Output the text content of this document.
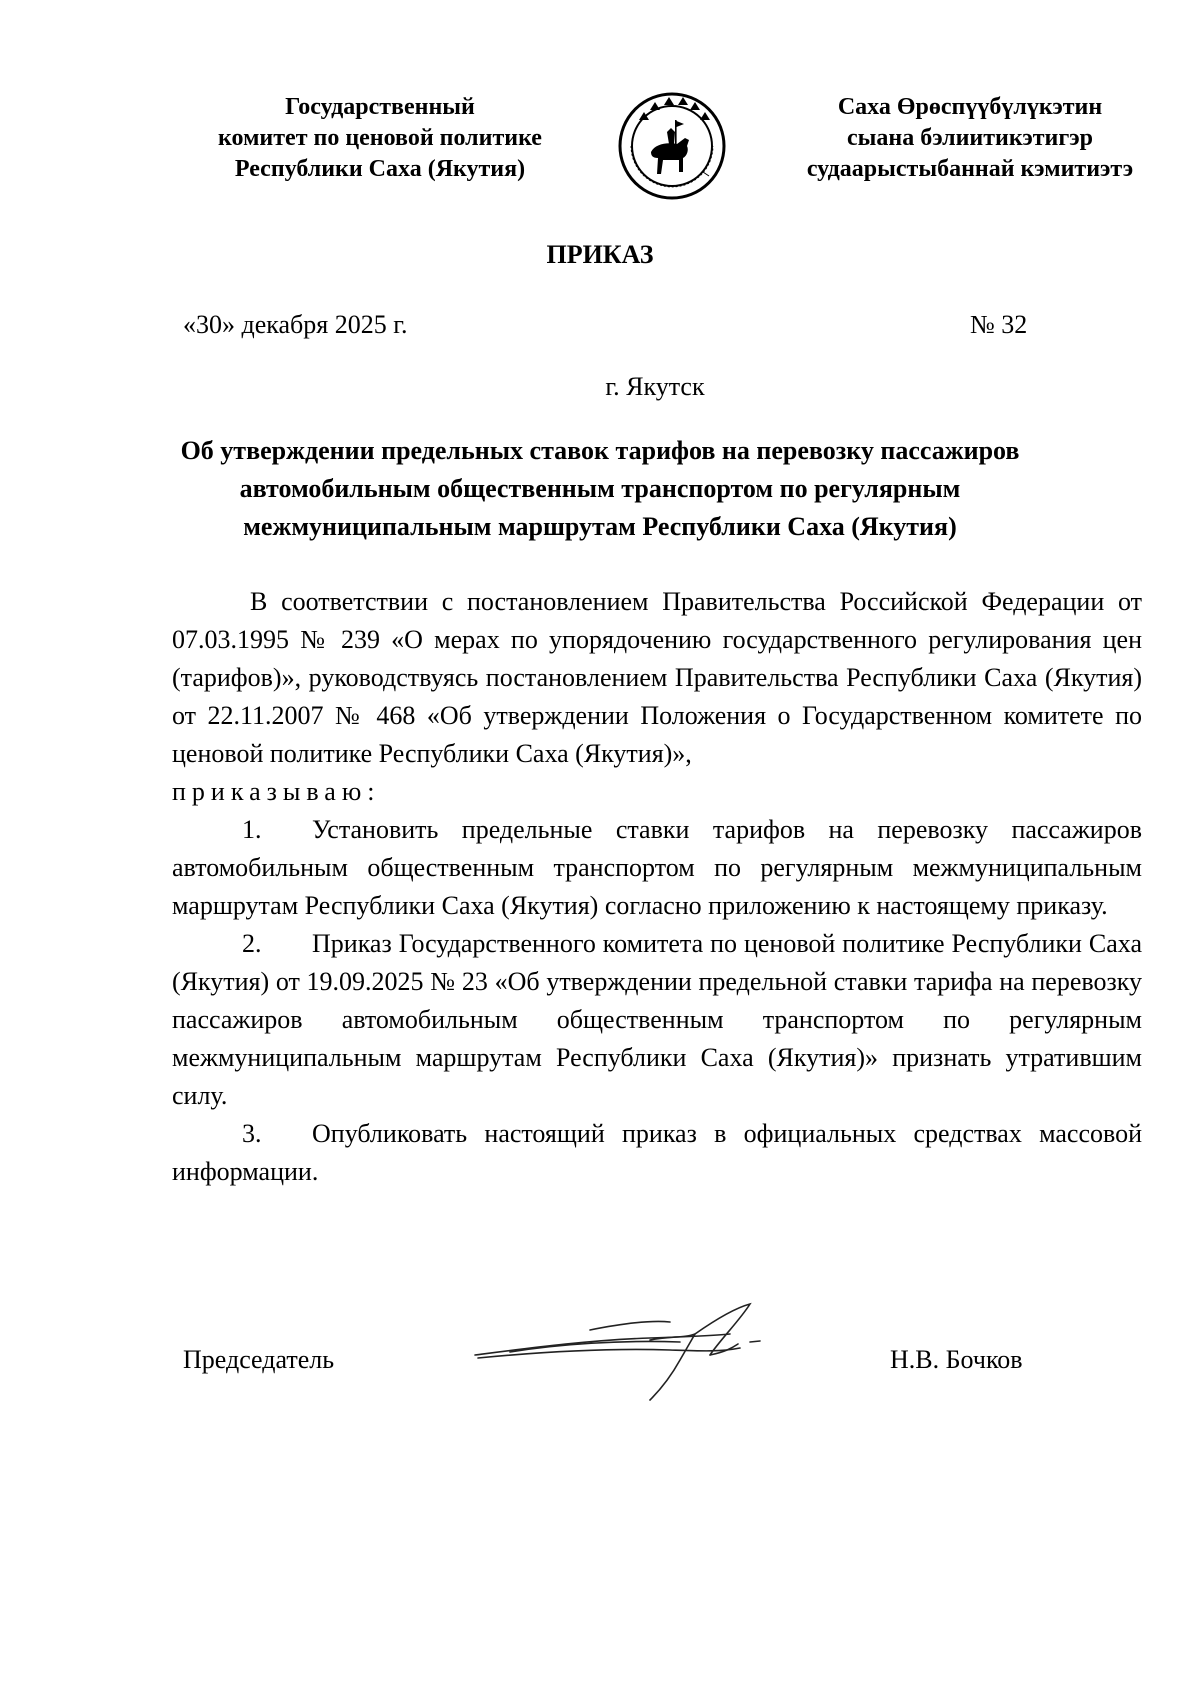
Государственный
комитет по ценовой политике
Республики Саха (Якутия)
Саха Өрөспүүбүлүкэтин
сыана бэлиитикэтигэр
судаарыстыбаннай кэмитиэтэ
ПРИКАЗ
«30» декабря 2025 г.	№ 32
г. Якутск
Об утверждении предельных ставок тарифов на перевозку пассажиров автомобильным общественным транспортом по регулярным межмуниципальным маршрутам Республики Саха (Якутия)

В соответствии с постановлением Правительства Российской Федерации от 07.03.1995 № 239 «О мерах по упорядочению государственного регулирования цен (тарифов)», руководствуясь постановлением Правительства Республики Саха (Якутия) от 22.11.2007 № 468 «Об утверждении Положения о Государственном комитете по ценовой политике Республики Саха (Якутия)»,
приказываю:

1. Установить предельные ставки тарифов на перевозку пассажиров автомобильным общественным транспортом по регулярным межмуниципальным маршрутам Республики Саха (Якутия) согласно приложению к настоящему приказу.

2. Приказ Государственного комитета по ценовой политике Республики Саха (Якутия) от 19.09.2025 № 23 «Об утверждении предельной ставки тарифа на перевозку пассажиров автомобильным общественным транспортом по регулярным межмуниципальным маршрутам Республики Саха (Якутия)» признать утратившим силу.

3. Опубликовать настоящий приказ в официальных средствах массовой информации.

Председатель	Н.В. Бочков
